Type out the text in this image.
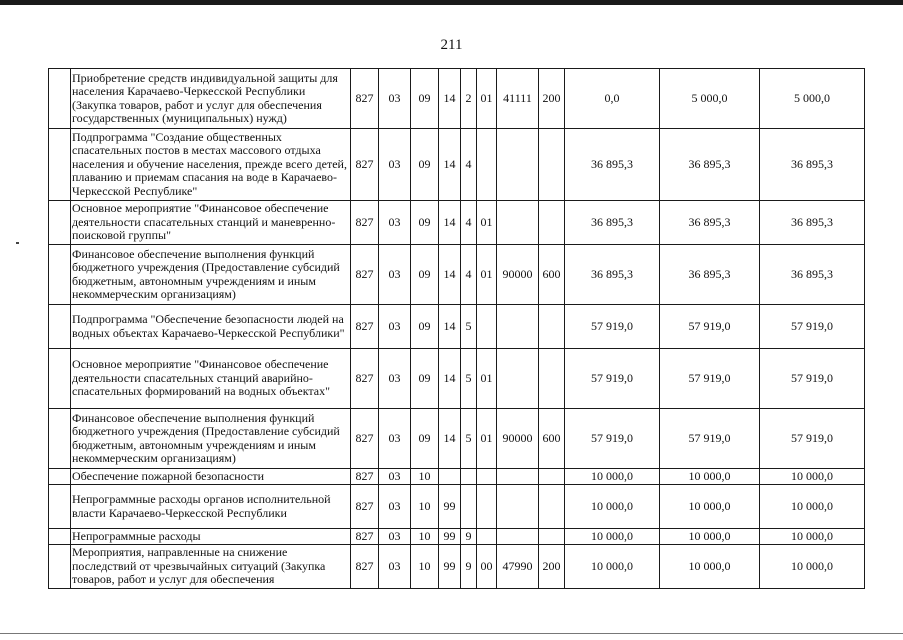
211
	Приобретение средств индивидуальной защиты для населения Карачаево-Черкесской Республики (Закупка товаров, работ и услуг для обеспечения государственных (муниципальных) нужд)	827	03	09	14	2	01	41111	200	0,0	5 000,0	5 000,0
	Подпрограмма "Создание общественных спасательных постов в местах массового отдыха населения и обучение населения, прежде всего детей, плаванию и приемам спасания на воде в Карачаево-Черкесской Республике"	827	03	09	14	4				36 895,3	36 895,3	36 895,3
	Основное мероприятие "Финансовое обеспечение деятельности спасательных станций и маневренно-поисковой группы"	827	03	09	14	4	01			36 895,3	36 895,3	36 895,3
	Финансовое обеспечение выполнения функций бюджетного учреждения (Предоставление субсидий бюджетным, автономным учреждениям и иным некоммерческим организациям)	827	03	09	14	4	01	90000	600	36 895,3	36 895,3	36 895,3
	Подпрограмма "Обеспечение безопасности людей на водных объектах Карачаево-Черкесской Республики"	827	03	09	14	5				57 919,0	57 919,0	57 919,0
	Основное мероприятие "Финансовое обеспечение деятельности спасательных станций аварийно-спасательных формирований на водных объектах"	827	03	09	14	5	01			57 919,0	57 919,0	57 919,0
	Финансовое обеспечение выполнения функций бюджетного учреждения (Предоставление субсидий бюджетным, автономным учреждениям и иным некоммерческим организациям)	827	03	09	14	5	01	90000	600	57 919,0	57 919,0	57 919,0
	Обеспечение пожарной безопасности	827	03	10						10 000,0	10 000,0	10 000,0
	Непрограммные расходы органов исполнительной власти Карачаево-Черкесской Республики	827	03	10	99					10 000,0	10 000,0	10 000,0
	Непрограммные расходы	827	03	10	99	9				10 000,0	10 000,0	10 000,0
	Мероприятия, направленные на снижение последствий от чрезвычайных ситуаций (Закупка товаров, работ и услуг для обеспечения	827	03	10	99	9	00	47990	200	10 000,0	10 000,0	10 000,0
